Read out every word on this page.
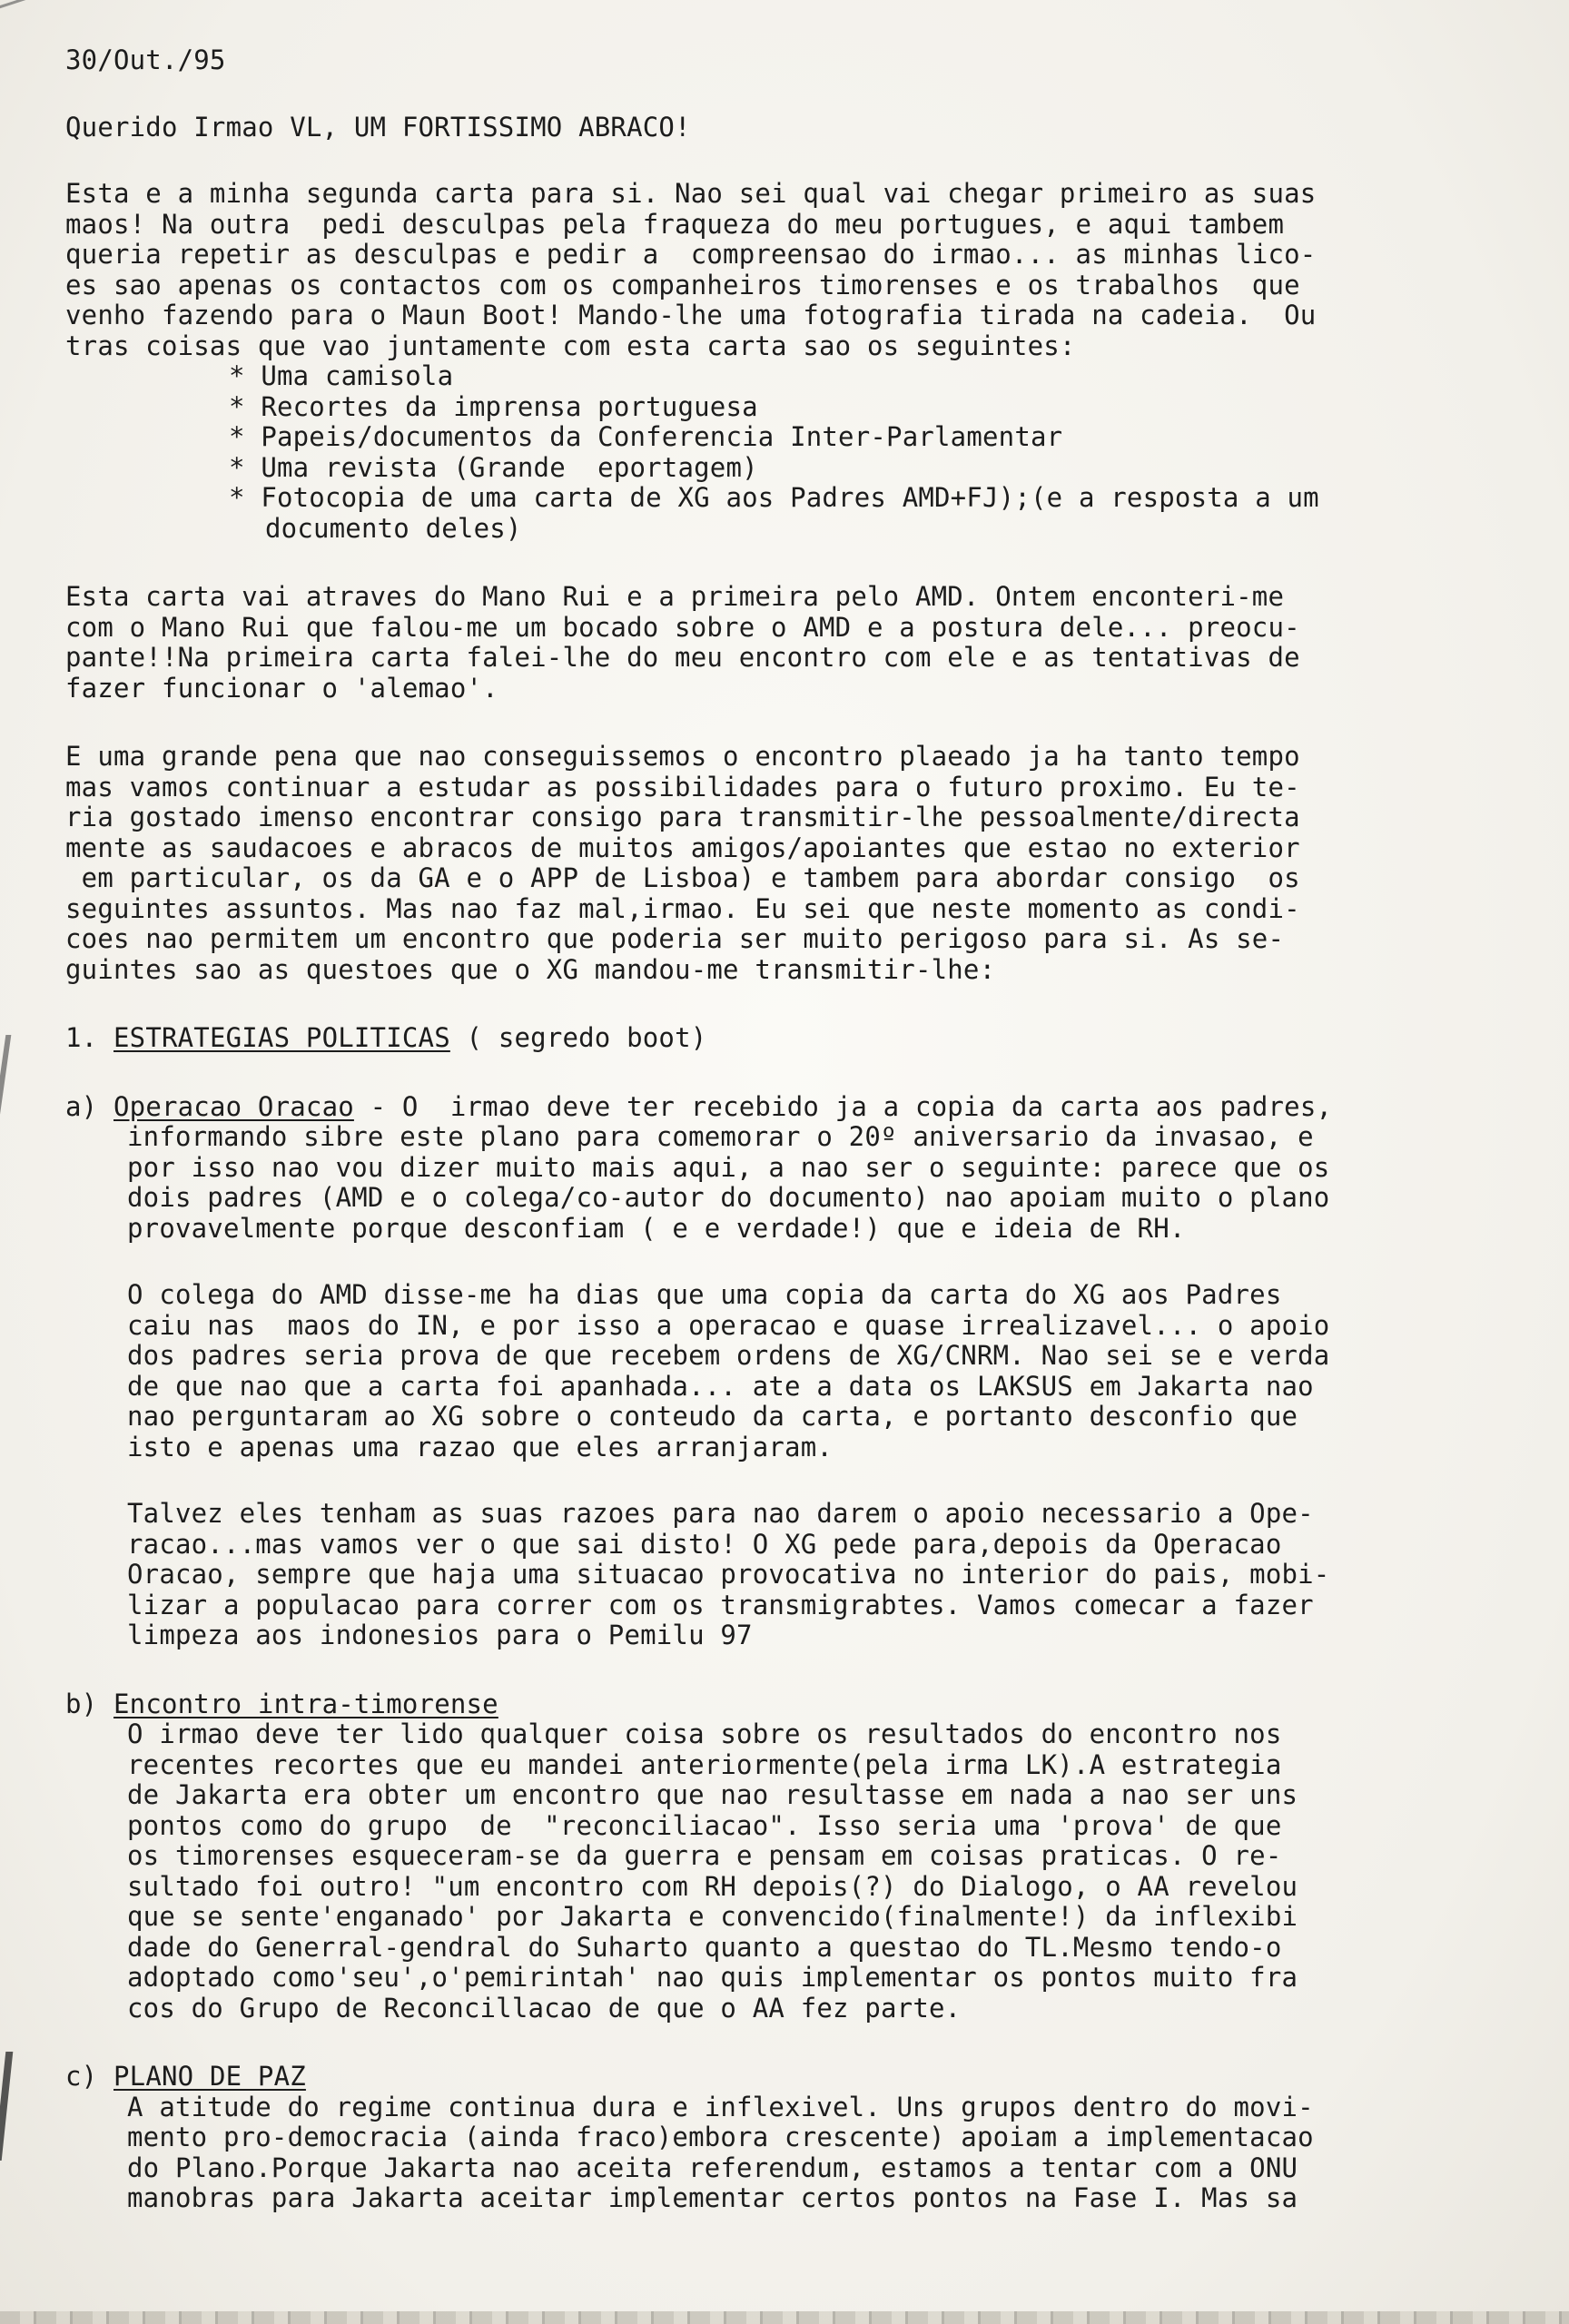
30/Out./95
Querido Irmao VL, UM FORTISSIMO ABRACO!
Esta e a minha segunda carta para si. Nao sei qual vai chegar primeiro as suas
maos! Na outra  pedi desculpas pela fraqueza do meu portugues, e aqui tambem
queria repetir as desculpas e pedir a  compreensao do irmao... as minhas lico-
es sao apenas os contactos com os companheiros timorenses e os trabalhos  que
venho fazendo para o Maun Boot! Mando-lhe uma fotografia tirada na cadeia.  Ou
tras coisas que vao juntamente com esta carta sao os seguintes:
* Uma camisola
* Recortes da imprensa portuguesa
* Papeis/documentos da Conferencia Inter-Parlamentar
* Uma revista (Grande  eportagem)
* Fotocopia de uma carta de XG aos Padres AMD+FJ);(e a resposta a um
documento deles)
Esta carta vai atraves do Mano Rui e a primeira pelo AMD. Ontem enconteri-me
com o Mano Rui que falou-me um bocado sobre o AMD e a postura dele... preocu-
pante!!Na primeira carta falei-lhe do meu encontro com ele e as tentativas de
fazer funcionar o 'alemao'.
E uma grande pena que nao conseguissemos o encontro plaeado ja ha tanto tempo
mas vamos continuar a estudar as possibilidades para o futuro proximo. Eu te-
ria gostado imenso encontrar consigo para transmitir-lhe pessoalmente/directa
mente as saudacoes e abracos de muitos amigos/apoiantes que estao no exterior
em particular, os da GA e o APP de Lisboa) e tambem para abordar consigo  os
seguintes assuntos. Mas nao faz mal,irmao. Eu sei que neste momento as condi-
coes nao permitem um encontro que poderia ser muito perigoso para si. As se-
guintes sao as questoes que o XG mandou-me transmitir-lhe:
1. ESTRATEGIAS POLITICAS ( segredo boot)
a) Operacao Oracao - O  irmao deve ter recebido ja a copia da carta aos padres,
informando sibre este plano para comemorar o 20º aniversario da invasao, e
por isso nao vou dizer muito mais aqui, a nao ser o seguinte: parece que os
dois padres (AMD e o colega/co-autor do documento) nao apoiam muito o plano
provavelmente porque desconfiam ( e e verdade!) que e ideia de RH.
O colega do AMD disse-me ha dias que uma copia da carta do XG aos Padres
caiu nas  maos do IN, e por isso a operacao e quase irrealizavel... o apoio
dos padres seria prova de que recebem ordens de XG/CNRM. Nao sei se e verda
de que nao que a carta foi apanhada... ate a data os LAKSUS em Jakarta nao
nao perguntaram ao XG sobre o conteudo da carta, e portanto desconfio que
isto e apenas uma razao que eles arranjaram.
Talvez eles tenham as suas razoes para nao darem o apoio necessario a Ope-
racao...mas vamos ver o que sai disto! O XG pede para,depois da Operacao
Oracao, sempre que haja uma situacao provocativa no interior do pais, mobi-
lizar a populacao para correr com os transmigrabtes. Vamos comecar a fazer
limpeza aos indonesios para o Pemilu 97
b) Encontro intra-timorense
O irmao deve ter lido qualquer coisa sobre os resultados do encontro nos
recentes recortes que eu mandei anteriormente(pela irma LK).A estrategia
de Jakarta era obter um encontro que nao resultasse em nada a nao ser uns
pontos como do grupo  de  "reconciliacao". Isso seria uma 'prova' de que
os timorenses esqueceram-se da guerra e pensam em coisas praticas. O re-
sultado foi outro! "um encontro com RH depois(?) do Dialogo, o AA revelou
que se sente'enganado' por Jakarta e convencido(finalmente!) da inflexibi
dade do Generral-gendral do Suharto quanto a questao do TL.Mesmo tendo-o
adoptado como'seu',o'pemirintah' nao quis implementar os pontos muito fra
cos do Grupo de Reconcillacao de que o AA fez parte.
c) PLANO DE PAZ
A atitude do regime continua dura e inflexivel. Uns grupos dentro do movi-
mento pro-democracia (ainda fraco)embora crescente) apoiam a implementacao
do Plano.Porque Jakarta nao aceita referendum, estamos a tentar com a ONU
manobras para Jakarta aceitar implementar certos pontos na Fase I. Mas sa
